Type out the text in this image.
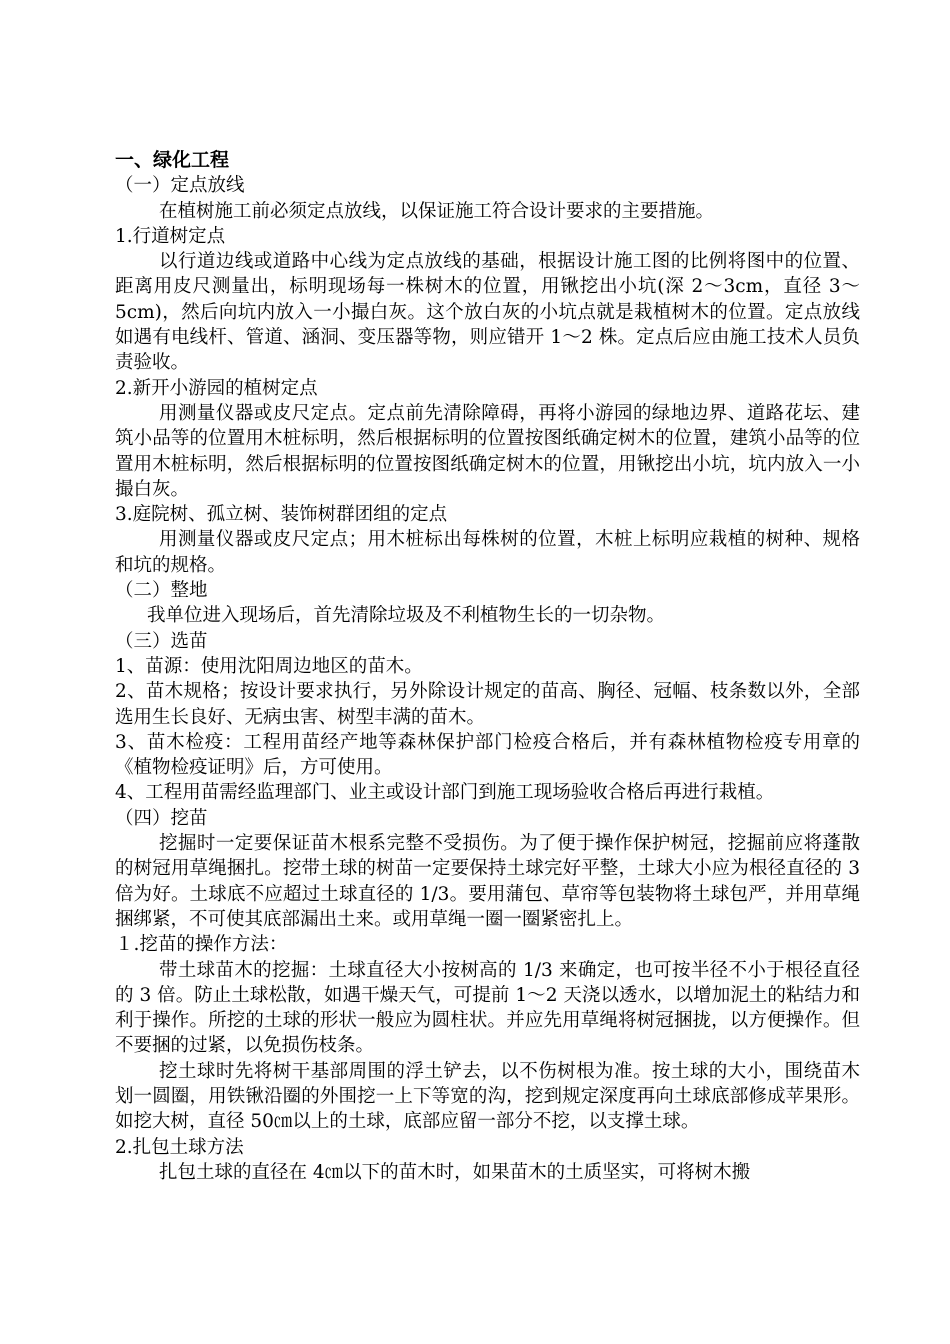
一、绿化工程

（一）定点放线

在植树施工前必须定点放线，以保证施工符合设计要求的主要措施。

1.行道树定点

以行道边线或道路中心线为定点放线的基础，根据设计施工图的比例将图中的位置、距离用皮尺测量出，标明现场每一株树木的位置，用锹挖出小坑(深 2～3cm，直径 3～5cm)，然后向坑内放入一小撮白灰。这个放白灰的小坑点就是栽植树木的位置。定点放线如遇有电线杆、管道、涵洞、变压器等物，则应错开 1～2 株。定点后应由施工技术人员负责验收。

2.新开小游园的植树定点

用测量仪器或皮尺定点。定点前先清除障碍，再将小游园的绿地边界、道路花坛、建筑小品等的位置用木桩标明，然后根据标明的位置按图纸确定树木的位置，建筑小品等的位置用木桩标明，然后根据标明的位置按图纸确定树木的位置，用锹挖出小坑，坑内放入一小撮白灰。

3.庭院树、孤立树、装饰树群团组的定点

用测量仪器或皮尺定点；用木桩标出每株树的位置，木桩上标明应栽植的树种、规格和坑的规格。

（二）整地

我单位进入现场后，首先清除垃圾及不利植物生长的一切杂物。

（三）选苗

1、苗源：使用沈阳周边地区的苗木。

2、苗木规格；按设计要求执行，另外除设计规定的苗高、胸径、冠幅、枝条数以外，全部选用生长良好、无病虫害、树型丰满的苗木。

3、苗木检疫：工程用苗经产地等森林保护部门检疫合格后，并有森林植物检疫专用章的《植物检疫证明》后，方可使用。

4、工程用苗需经监理部门、业主或设计部门到施工现场验收合格后再进行栽植。

（四）挖苗

挖掘时一定要保证苗木根系完整不受损伤。为了便于操作保护树冠，挖掘前应将蓬散的树冠用草绳捆扎。挖带土球的树苗一定要保持土球完好平整，土球大小应为根径直径的 3 倍为好。土球底不应超过土球直径的 1/3。要用蒲包、草帘等包装物将土球包严，并用草绳捆绑紧，不可使其底部漏出土来。或用草绳一圈一圈紧密扎上。

１.挖苗的操作方法：

带土球苗木的挖掘：土球直径大小按树高的 1/3 来确定，也可按半径不小于根径直径的 3 倍。防止土球松散，如遇干燥天气，可提前 1～2 天浇以透水，以增加泥土的粘结力和利于操作。所挖的土球的形状一般应为圆柱状。并应先用草绳将树冠捆拢，以方便操作。但不要捆的过紧，以免损伤枝条。

挖土球时先将树干基部周围的浮土铲去，以不伤树根为准。按土球的大小，围绕苗木划一圆圈，用铁锹沿圈的外围挖一上下等宽的沟，挖到规定深度再向土球底部修成苹果形。如挖大树，直径 50㎝以上的土球，底部应留一部分不挖，以支撑土球。

2.扎包土球方法

扎包土球的直径在 4㎝以下的苗木时，如果苗木的土质坚实，可将树木搬
